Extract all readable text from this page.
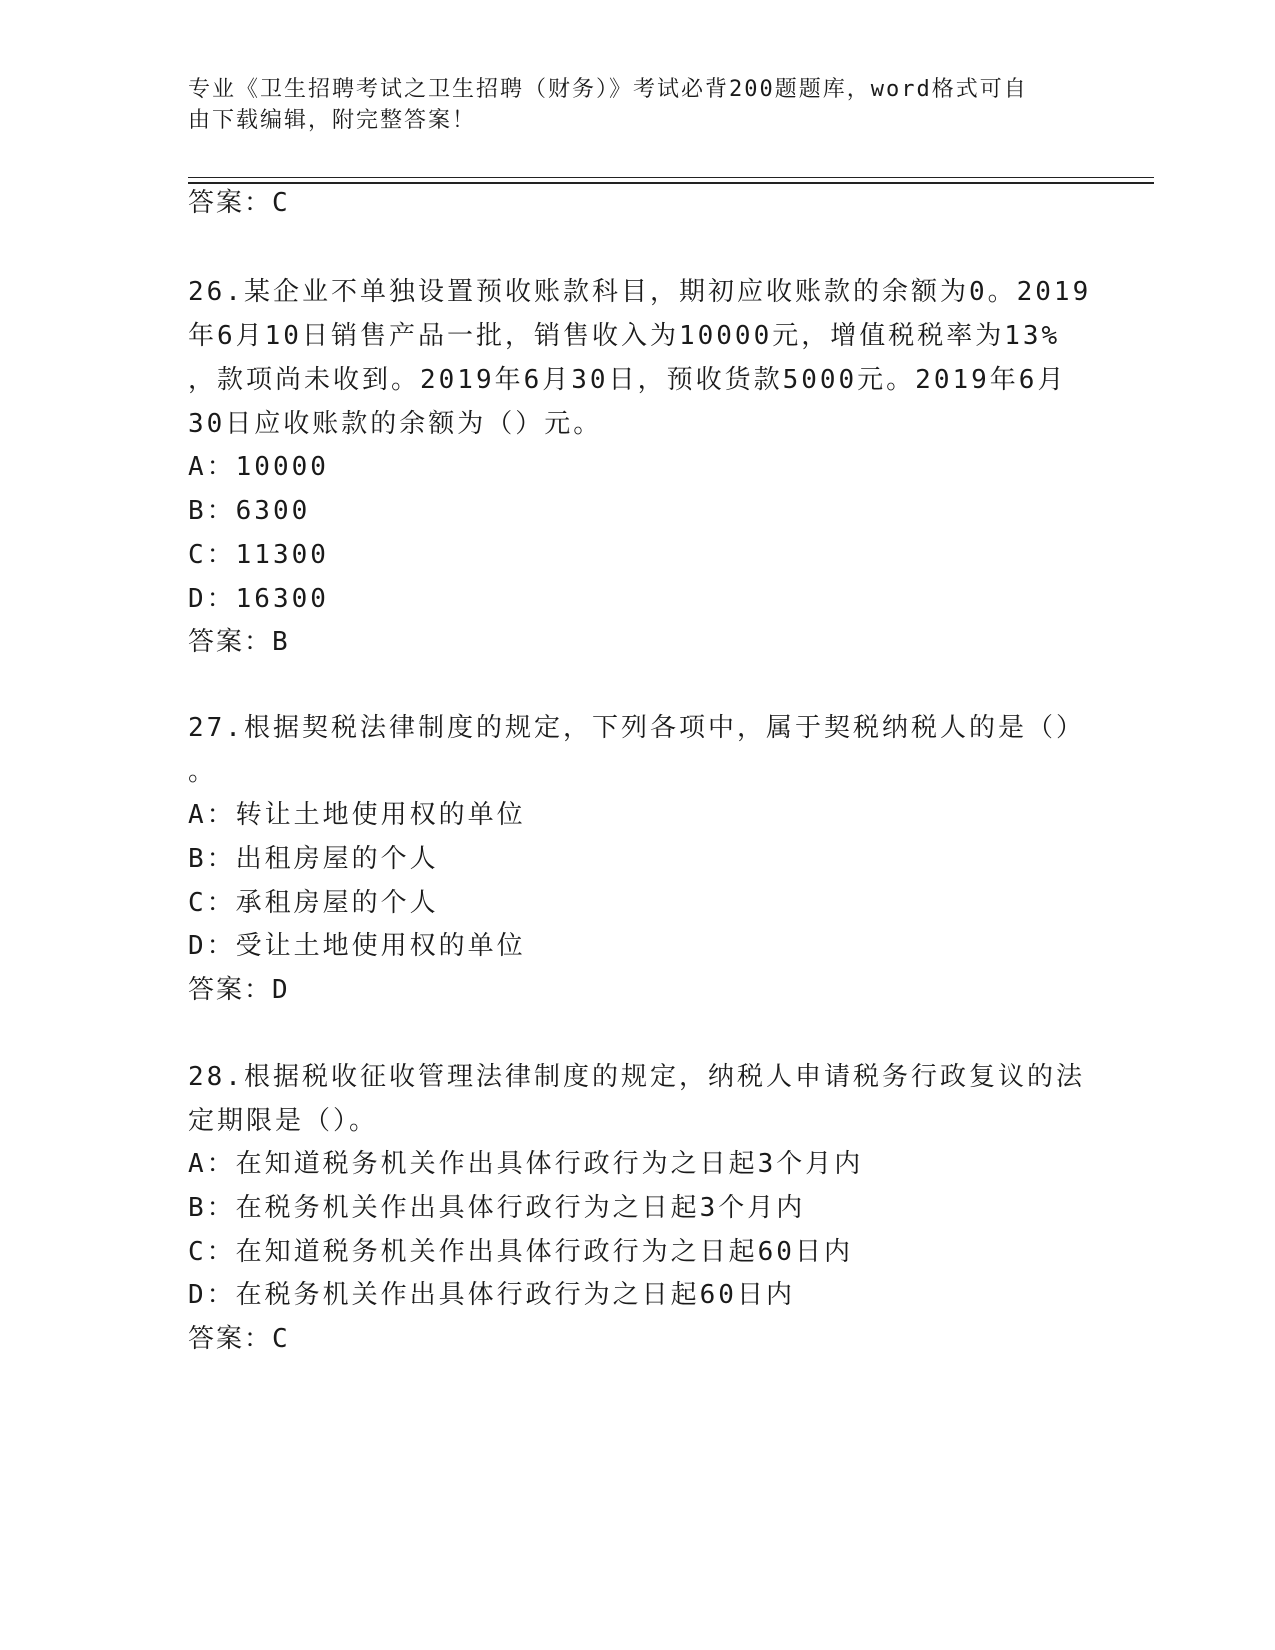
专业《卫生招聘考试之卫生招聘（财务）》考试必背200题题库，word格式可自
由下载编辑，附完整答案！

答案：C

26.某企业不单独设置预收账款科目，期初应收账款的余额为0。2019

年6月10日销售产品一批，销售收入为10000元，增值税税率为13%

，款项尚未收到。2019年6月30日，预收货款5000元。2019年6月

30日应收账款的余额为（）元。

A：10000

B：6300

C：11300

D：16300

答案：B

27.根据契税法律制度的规定，下列各项中，属于契税纳税人的是（）

。

A：转让土地使用权的单位

B：出租房屋的个人

C：承租房屋的个人

D：受让土地使用权的单位

答案：D

28.根据税收征收管理法律制度的规定，纳税人申请税务行政复议的法

定期限是（）。

A：在知道税务机关作出具体行政行为之日起3个月内

B：在税务机关作出具体行政行为之日起3个月内

C：在知道税务机关作出具体行政行为之日起60日内

D：在税务机关作出具体行政行为之日起60日内

答案：C
